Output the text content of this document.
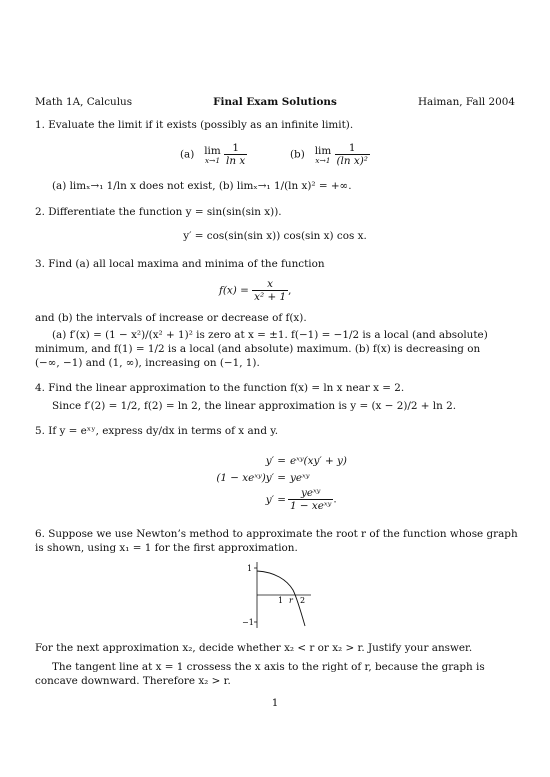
Math 1A, Calculus	Final Exam Solutions	Haiman, Fall 2004
1. Evaluate the limit if it exists (possibly as an infinite limit).
(a) lim
x→1
$\frac{1}{\text{ln x}}$	(b) lim
x→1
$\frac{1}{\text{(ln x)²}}$
(a) limₓ→₁ 1/ln x does not exist, (b) limₓ→₁ 1/(ln x)² = +∞.
2. Differentiate the function y = sin(sin(sin x)).
y′ = cos(sin(sin x)) cos(sin x) cos x.
3. Find (a) all local maxima and minima of the function
$f(x) = \frac{x}{\text{x² + 1}}$ ,
and (b) the intervals of increase or decrease of f(x).
(a) f′(x) = (1 − x²)/(x² + 1)² is zero at x = ±1. f(−1) = −1/2 is a local (and absolute)
minimum, and f(1) = 1/2 is a local (and absolute) maximum. (b) f(x) is decreasing on
(−∞, −1) and (1, ∞), increasing on (−1, 1).
4. Find the linear approximation to the function f(x) = ln x near x = 2.
Since f′(2) = 1/2, f(2) = ln 2, the linear approximation is y = (x − 2)/2 + ln 2.
5. If y = eˣʸ, express dy/dx in terms of x and y.
y′ = eˣʸ(xy′ + y)
(1 − xeˣʸ)y′ = yeˣʸ
$y' = \frac{\text{yeˣʸ}}{\text{1 − xeˣʸ}}$ .
6. Suppose we use Newton’s method to approximate the root r of the function whose graph
is shown, using x₁ = 1 for the first approximation.
1
−1
1 r 2
For the next approximation x₂, decide whether x₂ < r or x₂ > r. Justify your answer.
The tangent line at x = 1 crossess the x axis to the right of r, because the graph is
concave downward. Therefore x₂ > r.
1
